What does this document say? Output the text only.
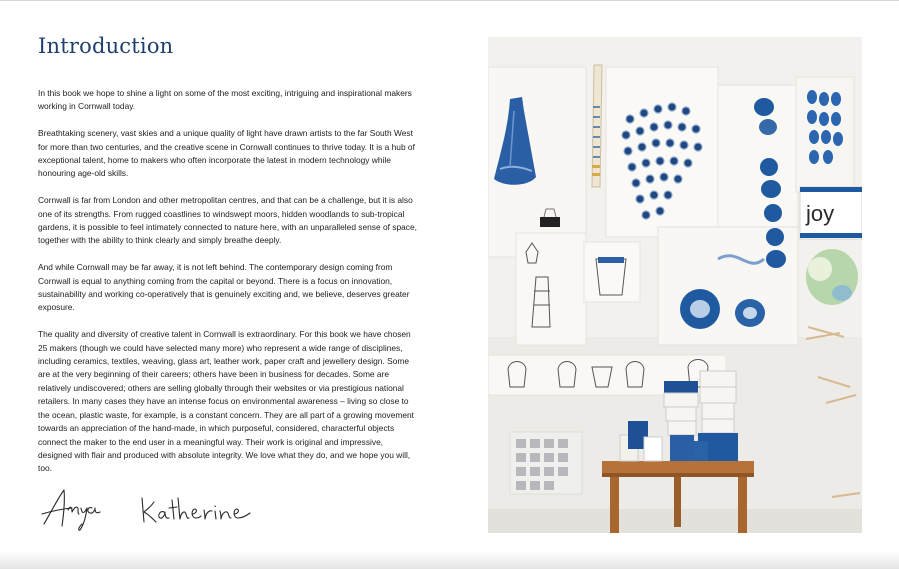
Introduction

In this book we hope to shine a light on some of the most exciting, intriguing and inspirational makers working in Cornwall today.

Breathtaking scenery, vast skies and a unique quality of light have drawn artists to the far South West for more than two centuries, and the creative scene in Cornwall continues to thrive today. It is a hub of exceptional talent, home to makers who often incorporate the latest in modern technology while honouring age-old skills.

Cornwall is far from London and other metropolitan centres, and that can be a challenge, but it is also one of its strengths. From rugged coastlines to windswept moors, hidden woodlands to sub-tropical gardens, it is possible to feel intimately connected to nature here, with an unparalleled sense of space, together with the ability to think clearly and simply breathe deeply.

And while Cornwall may be far away, it is not left behind. The contemporary design coming from Cornwall is equal to anything coming from the capital or beyond. There is a focus on innovation, sustainability and working co-operatively that is genuinely exciting and, we believe, deserves greater exposure.

The quality and diversity of creative talent in Cornwall is extraordinary. For this book we have chosen 25 makers (though we could have selected many more) who represent a wide range of disciplines, including ceramics, textiles, weaving, glass art, leather work, paper craft and jewellery design. Some are at the very beginning of their careers; others have been in business for decades. Some are relatively undiscovered; others are selling globally through their websites or via prestigious national retailers. In many cases they have an intense focus on environmental awareness – living so close to the ocean, plastic waste, for example, is a constant concern. They are all part of a growing movement towards an appreciation of the hand-made, in which purposeful, considered, characterful objects connect the maker to the end user in a meaningful way. Their work is original and impressive, designed with flair and produced with absolute integrity. We love what they do, and we hope you will, too.

joy
